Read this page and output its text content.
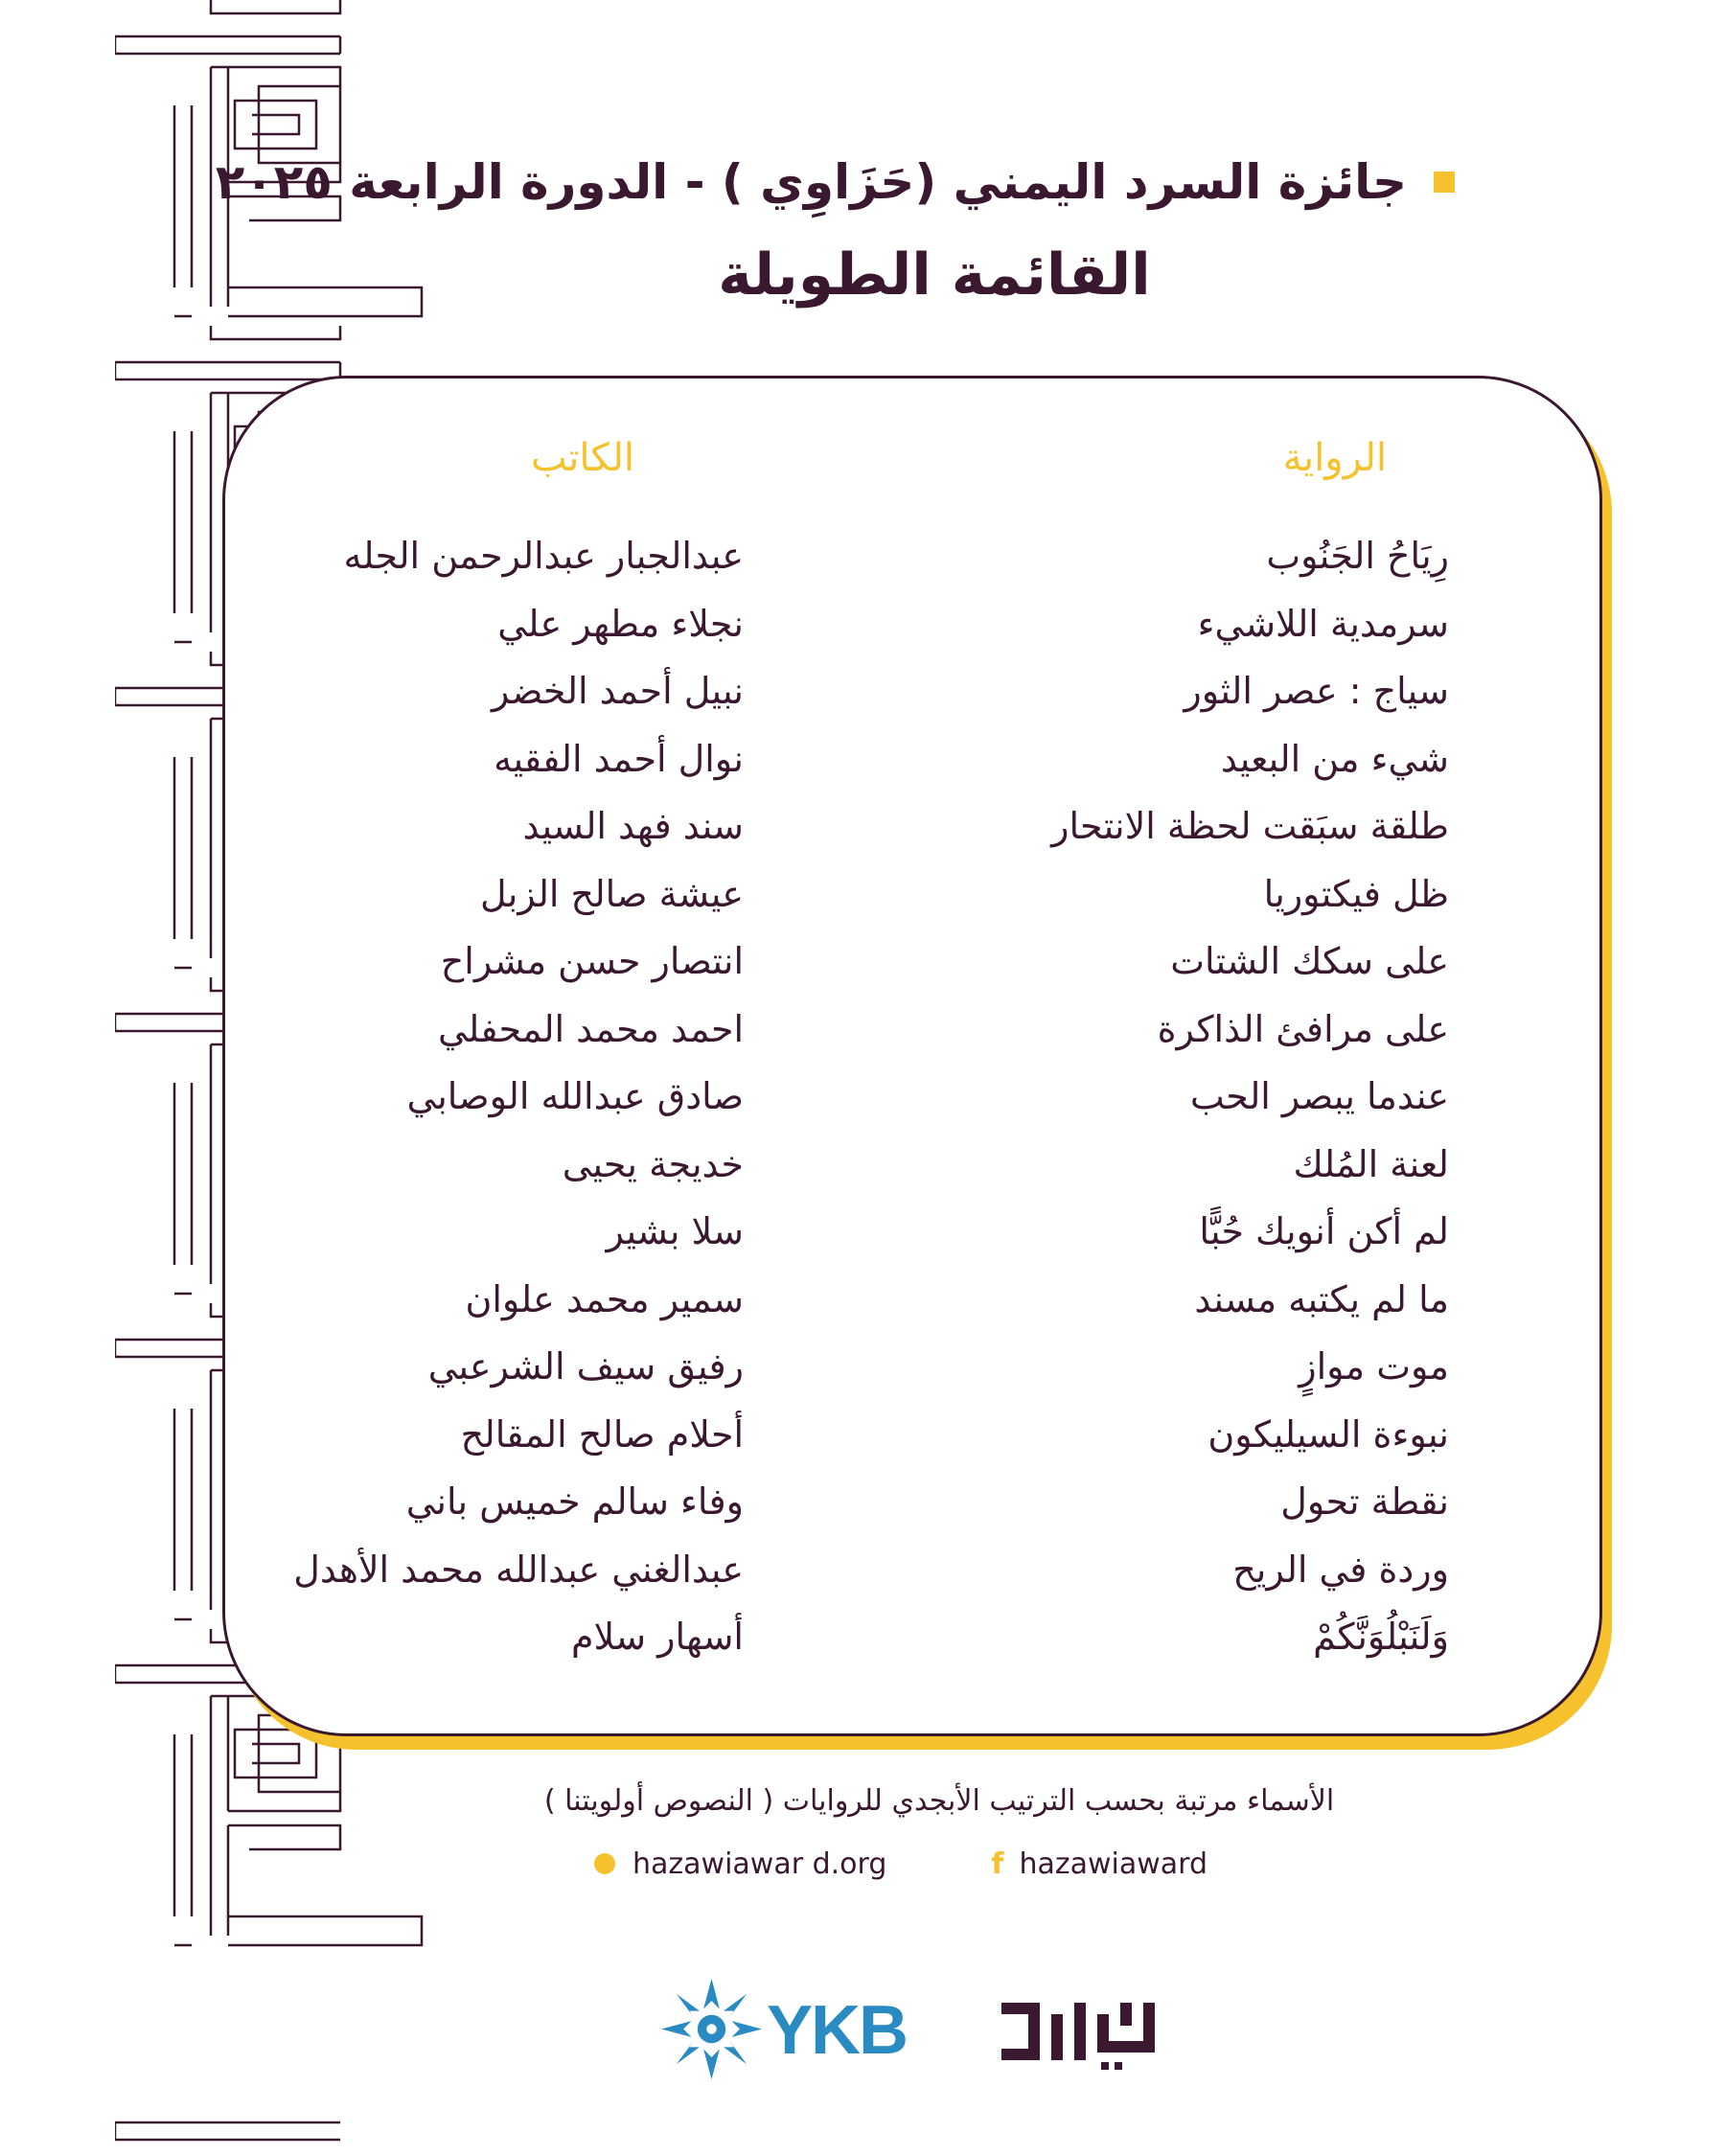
جائزة السرد اليمني (حَزَاوِي ) - الدورة الرابعة ٢٠٢٥
القائمة الطويلة
الرواية
الكاتب
رِيَاحُ الجَنُوب
سرمدية اللاشيء
سياج : عصر الثور
شيء من البعيد
طلقة سبَقت لحظة الانتحار
ظل فيكتوريا
على سكك الشتات
على مرافئ الذاكرة
عندما يبصر الحب
لعنة المُلك
لم أكن أنويك حُبًّا
ما لم يكتبه مسند
موت موازٍ
نبوءة السيليكون
نقطة تحول
وردة في الريح
وَلَنَبْلُوَنَّكُمْ
عبدالجبار عبدالرحمن الجله
نجلاء مطهر علي
نبيل أحمد الخضر
نوال أحمد الفقيه
سند فهد السيد
عيشة صالح الزبل
انتصار حسن مشراح
احمد محمد المحفلي
صادق عبدالله الوصابي
خديجة يحيى
سلا بشير
سمير محمد علوان
رفيق سيف الشرعبي
أحلام صالح المقالح
وفاء سالم خميس باني
عبدالغني عبدالله محمد الأهدل
أسهار سلام
الأسماء مرتبة بحسب الترتيب الأبجدي للروايات ( النصوص أولويتنا )
hazawiawar d.org	f hazawiaward
YKB
